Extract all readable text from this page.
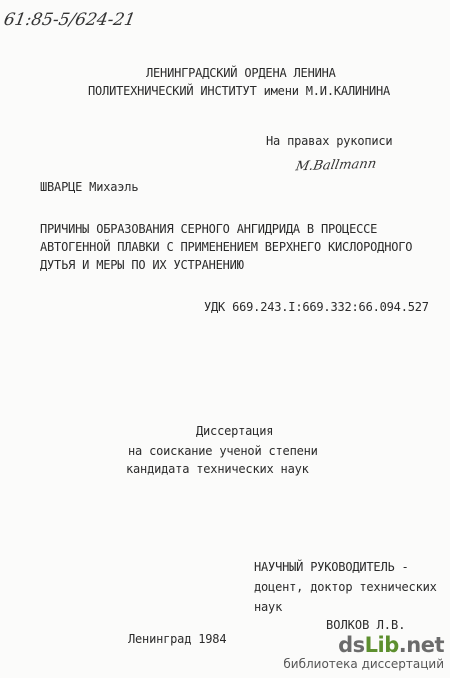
61:85-5/624-21
ЛЕНИНГРАДСКИЙ ОРДЕНА ЛЕНИНА
ПОЛИТЕХНИЧЕСКИЙ ИНСТИТУТ имени М.И.КАЛИНИНА
На правах рукописи
M.Ballmann
ШВАРЦЕ Михаэль
ПРИЧИНЫ ОБРАЗОВАНИЯ СЕРНОГО АНГИДРИДА В ПРОЦЕССЕ
АВТОГЕННОЙ ПЛАВКИ С ПРИМЕНЕНИЕМ ВЕРХНЕГО КИСЛОРОДНОГО
ДУТЬЯ И МЕРЫ ПО ИХ УСТРАНЕНИЮ
УДК 669.243.I:669.332:66.094.527
Диссертация
на соискание ученой степени
кандидата технических наук
НАУЧНЫЙ РУКОВОДИТЕЛЬ -
доцент, доктор технических
наук
ВОЛКОВ Л.В.
Ленинград 1984	dsLib.net
библиотека диссертаций
